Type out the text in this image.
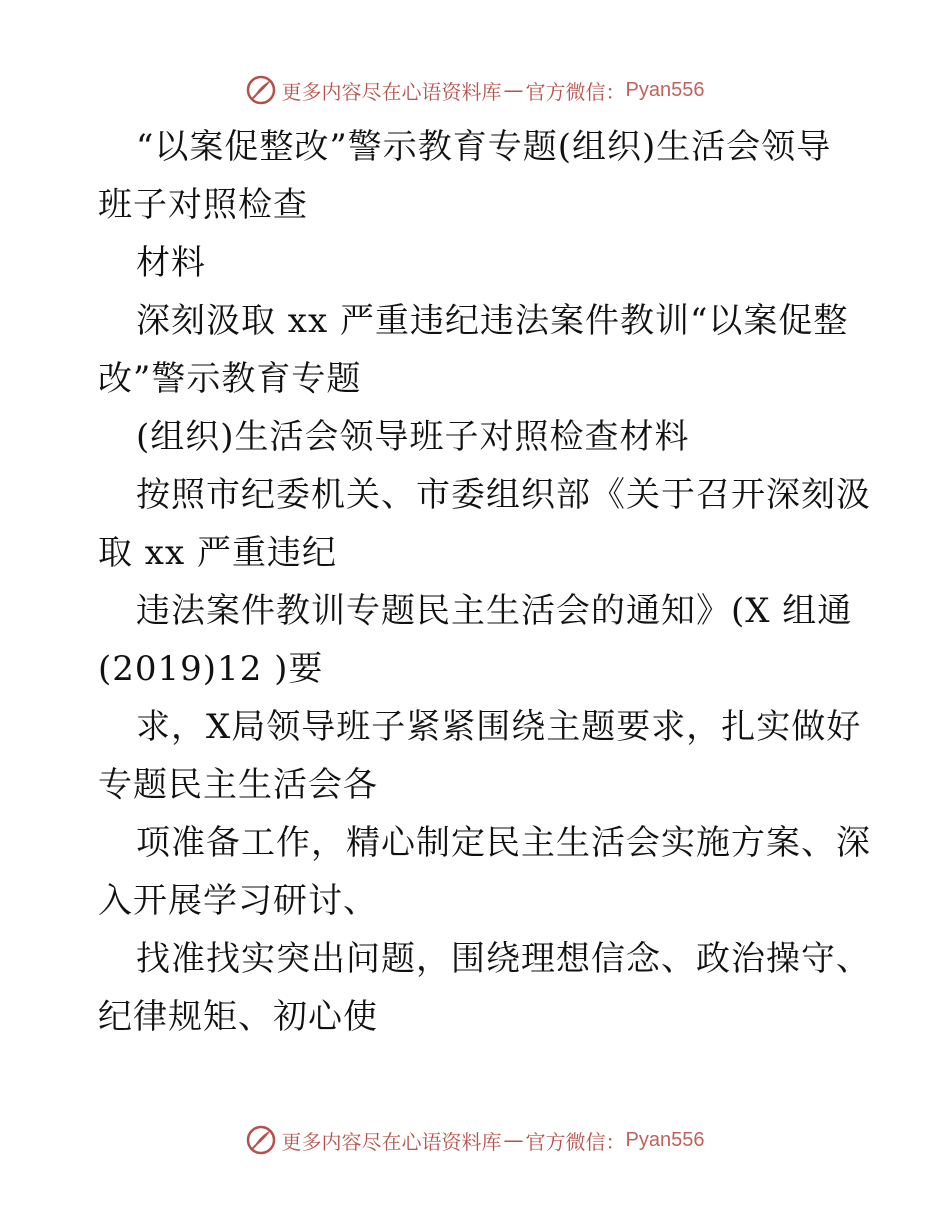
更多内容尽在心语资料库 — 官方微信： Pyan556
“以案促整改”警示教育专题(组织)生活会领导
班子对照检查
材料
深刻汲取 xx 严重违纪违法案件教训“以案促整
改”警示教育专题
(组织)生活会领导班子对照检查材料
按照市纪委机关、市委组织部《关于召开深刻汲
取 xx 严重违纪
违法案件教训专题民主生活会的通知》(X 组通
(2019)12 )要
求，X局领导班子紧紧围绕主题要求，扎实做好
专题民主生活会各
项准备工作，精心制定民主生活会实施方案、深
入开展学习研讨、
找准找实突出问题，围绕理想信念、政治操守、
纪律规矩、初心使
更多内容尽在心语资料库 — 官方微信： Pyan556
